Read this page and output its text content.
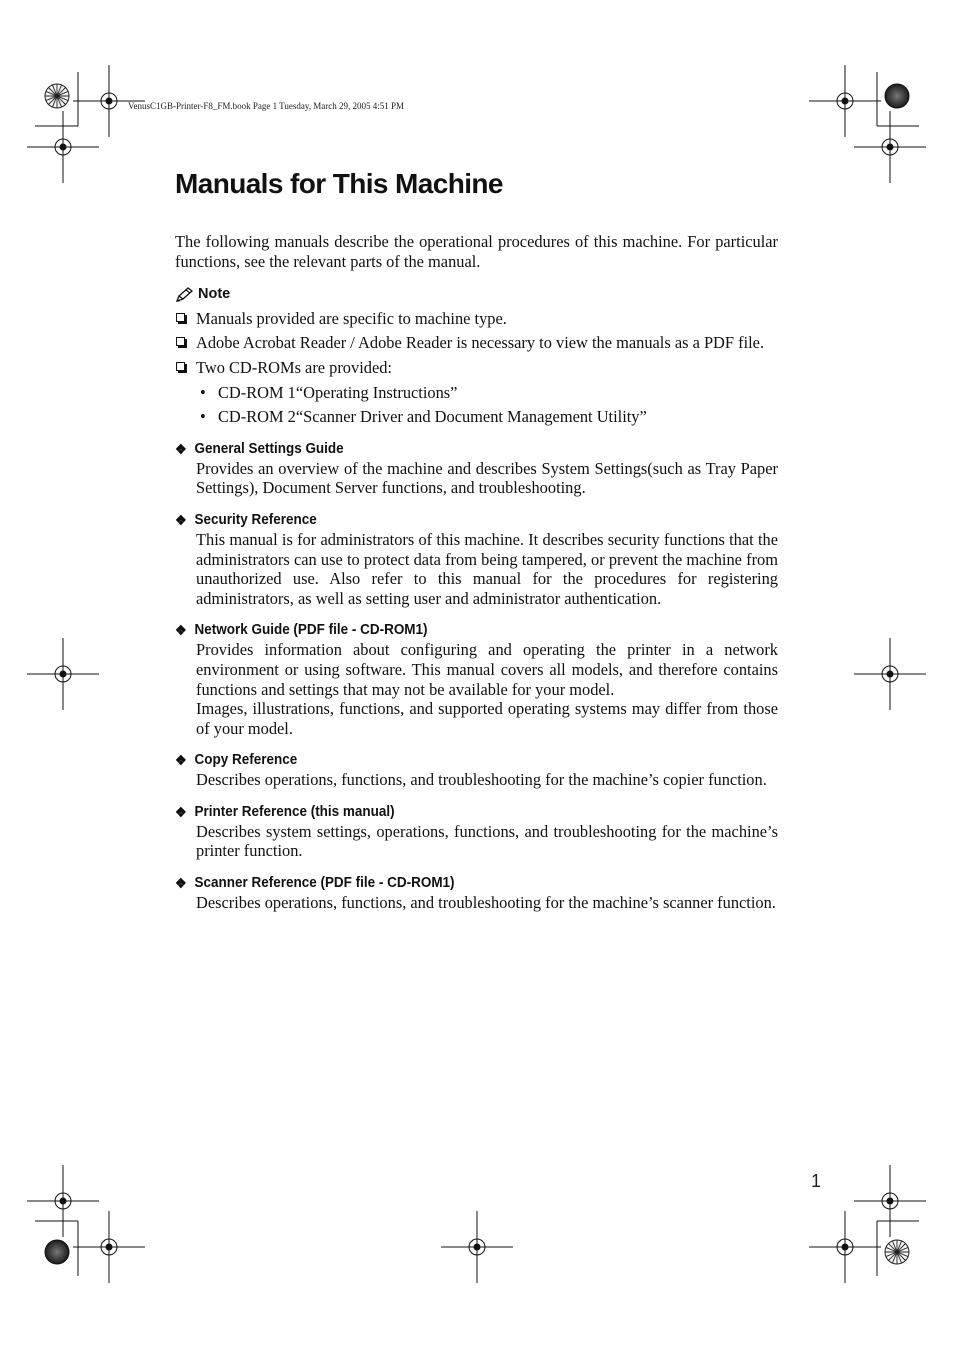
VenusC1GB-Printer-F8_FM.book Page 1 Tuesday, March 29, 2005 4:51 PM
Manuals for This Machine

The following manuals describe the operational procedures of this machine. For particular functions, see the relevant parts of the manual.

Note
Manuals provided are specific to machine type.
Adobe Acrobat Reader / Adobe Reader is necessary to view the manuals as a PDF file.
Two CD-ROMs are provided:
• CD-ROM 1“Operating Instructions”
• CD-ROM 2“Scanner Driver and Document Management Utility”
❖ General Settings Guide

Provides an overview of the machine and describes System Settings(such as Tray Paper Settings), Document Server functions, and troubleshooting.

❖ Security Reference

This manual is for administrators of this machine. It describes security functions that the administrators can use to protect data from being tampered, or prevent the machine from unauthorized use. Also refer to this manual for the procedures for registering administrators, as well as setting user and administrator authentication.

❖ Network Guide (PDF file - CD-ROM1)

Provides information about configuring and operating the printer in a network environment or using software. This manual covers all models, and therefore contains functions and settings that may not be available for your model.

Images, illustrations, functions, and supported operating systems may differ from those of your model.

❖ Copy Reference

Describes operations, functions, and troubleshooting for the machine’s copier function.

❖ Printer Reference (this manual)

Describes system settings, operations, functions, and troubleshooting for the machine’s printer function.

❖ Scanner Reference (PDF file - CD-ROM1)

Describes operations, functions, and troubleshooting for the machine’s scanner function.

1
